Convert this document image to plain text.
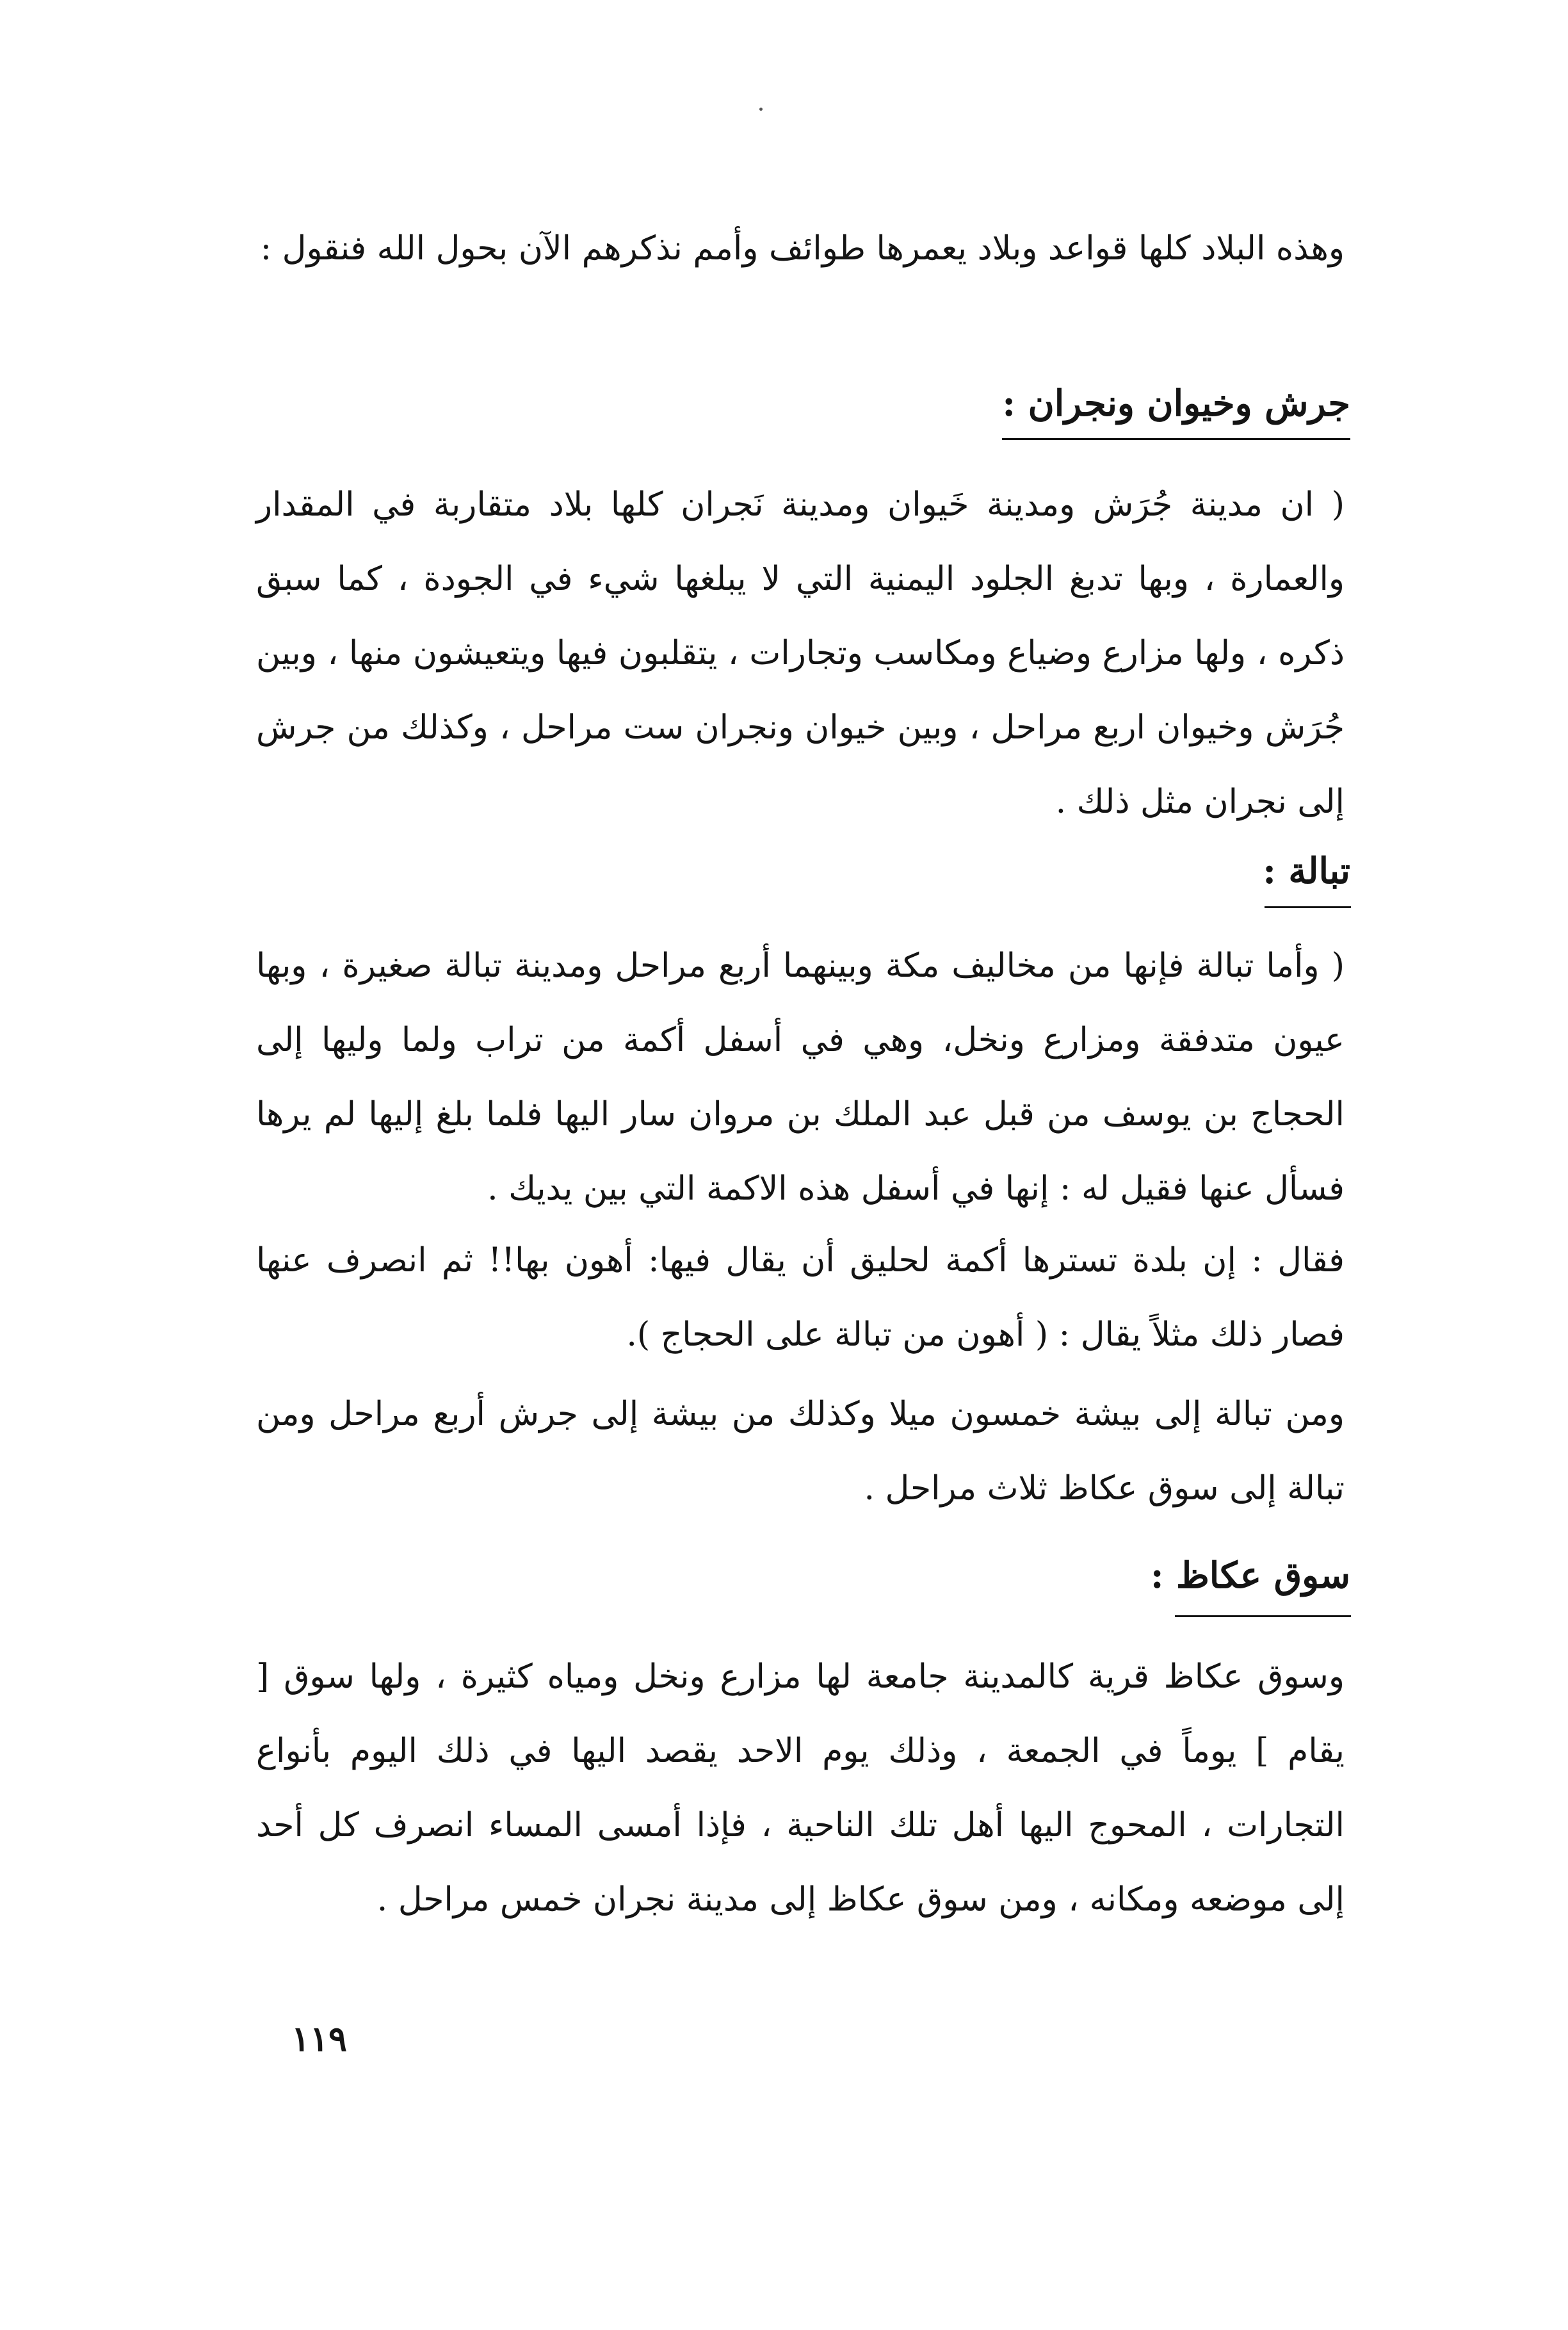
وهذه البلاد كلها قواعد وبلاد يعمرها طوائف وأمم نذكرهم الآن بحول الله فنقول :
جرش وخيوان ونجران :
( ان مدينة جُرَش ومدينة خَيوان ومدينة نَجران كلها بلاد متقاربة في المقدار والعمارة ، وبها تدبغ الجلود اليمنية التي لا يبلغها شيء في الجودة ، كما سبق ذكره ، ولها مزارع وضياع ومكاسب وتجارات ، يتقلبون فيها ويتعيشون منها ، وبين جُرَش وخيوان اربع مراحل ، وبين خيوان ونجران ست مراحل ، وكذلك من جرش إلى نجران مثل ذلك .
تبالة :
( وأما تبالة فإنها من مخاليف مكة وبينهما أربع مراحل ومدينة تبالة صغيرة ، وبها عيون متدفقة ومزارع ونخل، وهي في أسفل أكمة من تراب ولما وليها إلى الحجاج بن يوسف من قبل عبد الملك بن مروان سار اليها فلما بلغ إليها لم يرها فسأل عنها فقيل له : إنها في أسفل هذه الاكمة التي بين يديك .
فقال : إن بلدة تسترها أكمة لحليق أن يقال فيها: أهون بها!! ثم انصرف عنها فصار ذلك مثلاً يقال : ( أهون من تبالة على الحجاج ).
ومن تبالة إلى بيشة خمسون ميلا وكذلك من بيشة إلى جرش أربع مراحل ومن تبالة إلى سوق عكاظ ثلاث مراحل .
سوق عكاظ :
وسوق عكاظ قرية كالمدينة جامعة لها مزارع ونخل ومياه كثيرة ، ولها سوق [ يقام ] يوماً في الجمعة ، وذلك يوم الاحد يقصد اليها في ذلك اليوم بأنواع التجارات ، المحوج اليها أهل تلك الناحية ، فإذا أمسى المساء انصرف كل أحد إلى موضعه ومكانه ، ومن سوق عكاظ إلى مدينة نجران خمس مراحل .
١١٩
